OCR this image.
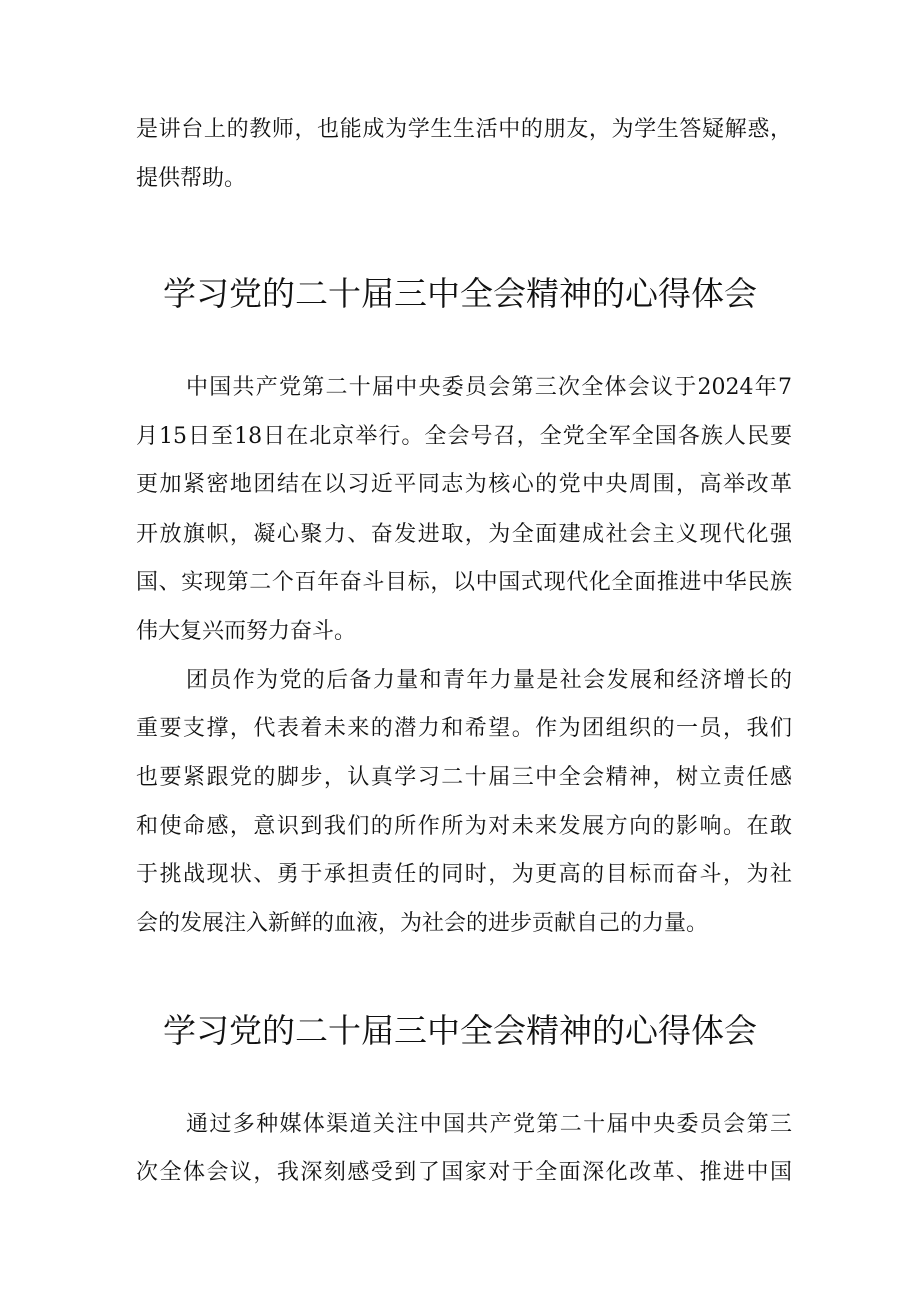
是讲台上的教师，也能成为学生生活中的朋友，为学生答疑解惑，
提供帮助。
学习党的二十届三中全会精神的心得体会
中国共产党第二十届中央委员会第三次全体会议于2024年7
月15日至18日在北京举行。全会号召，全党全军全国各族人民要
更加紧密地团结在以习近平同志为核心的党中央周围，高举改革
开放旗帜，凝心聚力、奋发进取，为全面建成社会主义现代化强
国、实现第二个百年奋斗目标，以中国式现代化全面推进中华民族
伟大复兴而努力奋斗。
团员作为党的后备力量和青年力量是社会发展和经济增长的
重要支撑，代表着未来的潜力和希望。作为团组织的一员，我们
也要紧跟党的脚步，认真学习二十届三中全会精神，树立责任感
和使命感，意识到我们的所作所为对未来发展方向的影响。在敢
于挑战现状、勇于承担责任的同时，为更高的目标而奋斗，为社
会的发展注入新鲜的血液，为社会的进步贡献自己的力量。
学习党的二十届三中全会精神的心得体会
通过多种媒体渠道关注中国共产党第二十届中央委员会第三
次全体会议，我深刻感受到了国家对于全面深化改革、推进中国
